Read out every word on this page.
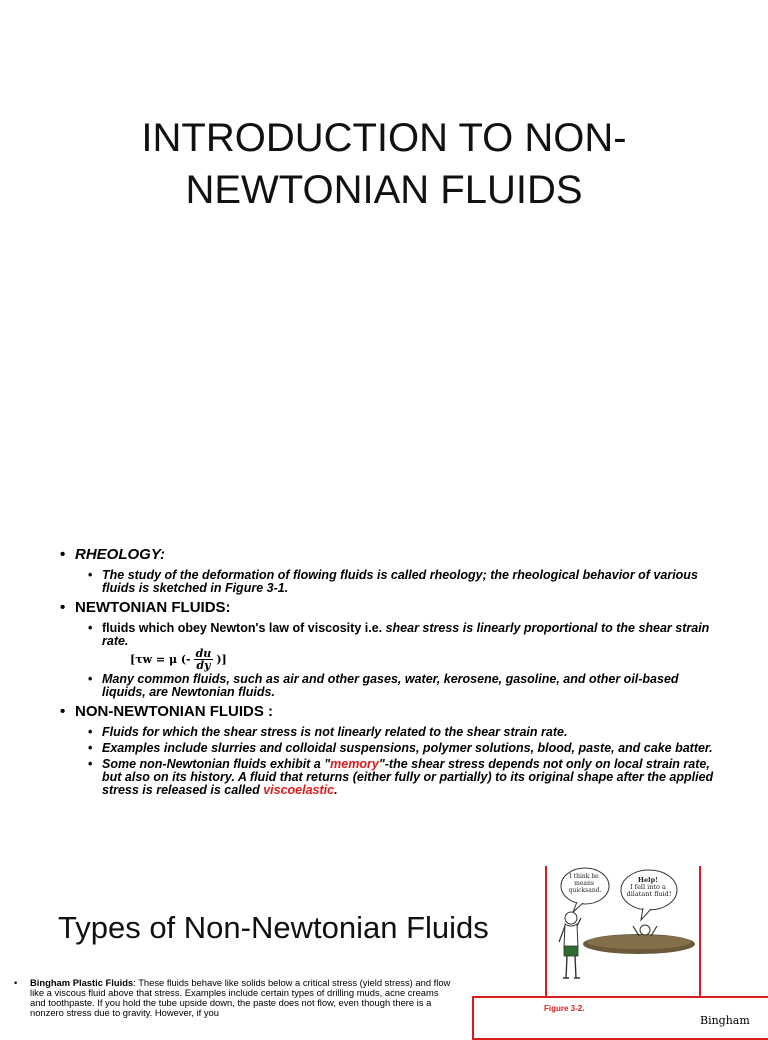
INTRODUCTION TO NON-
NEWTONIAN FLUIDS
• RHEOLOGY:
• The study of the deformation of flowing fluids is called rheology; the rheological behavior of various fluids is sketched in Figure 3-1.
• NEWTONIAN FLUIDS:
• fluids which obey Newton's law of viscosity i.e. shear stress is linearly proportional to the shear strain rate.
[τw = μ (- $\frac{du}{dy}$ )]
• Many common fluids, such as air and other gases, water, kerosene, gasoline, and other oil-based liquids, are Newtonian fluids.
• NON-NEWTONIAN FLUIDS :
• Fluids for which the shear stress is not linearly related to the shear strain rate.
• Examples include slurries and colloidal suspensions, polymer solutions, blood, paste, and cake batter.
• Some non-Newtonian fluids exhibit a "memory"-the shear stress depends not only on local strain rate, but also on its history. A fluid that returns (either fully or partially) to its original shape after the applied stress is released is called viscoelastic.
Types of Non-Newtonian Fluids
I think he means quicksand.
Help! I fell into a dilatant fluid!
Figure 3-2.
Bingham
•	Bingham Plastic Fluids: These fluids behave like solids below a critical stress (yield stress) and flow like a viscous fluid above that stress. Examples include certain types of drilling muds, acne creams and toothpaste. If you hold the tube upside down, the paste does not flow, even though there is a nonzero stress due to gravity. However, if you
